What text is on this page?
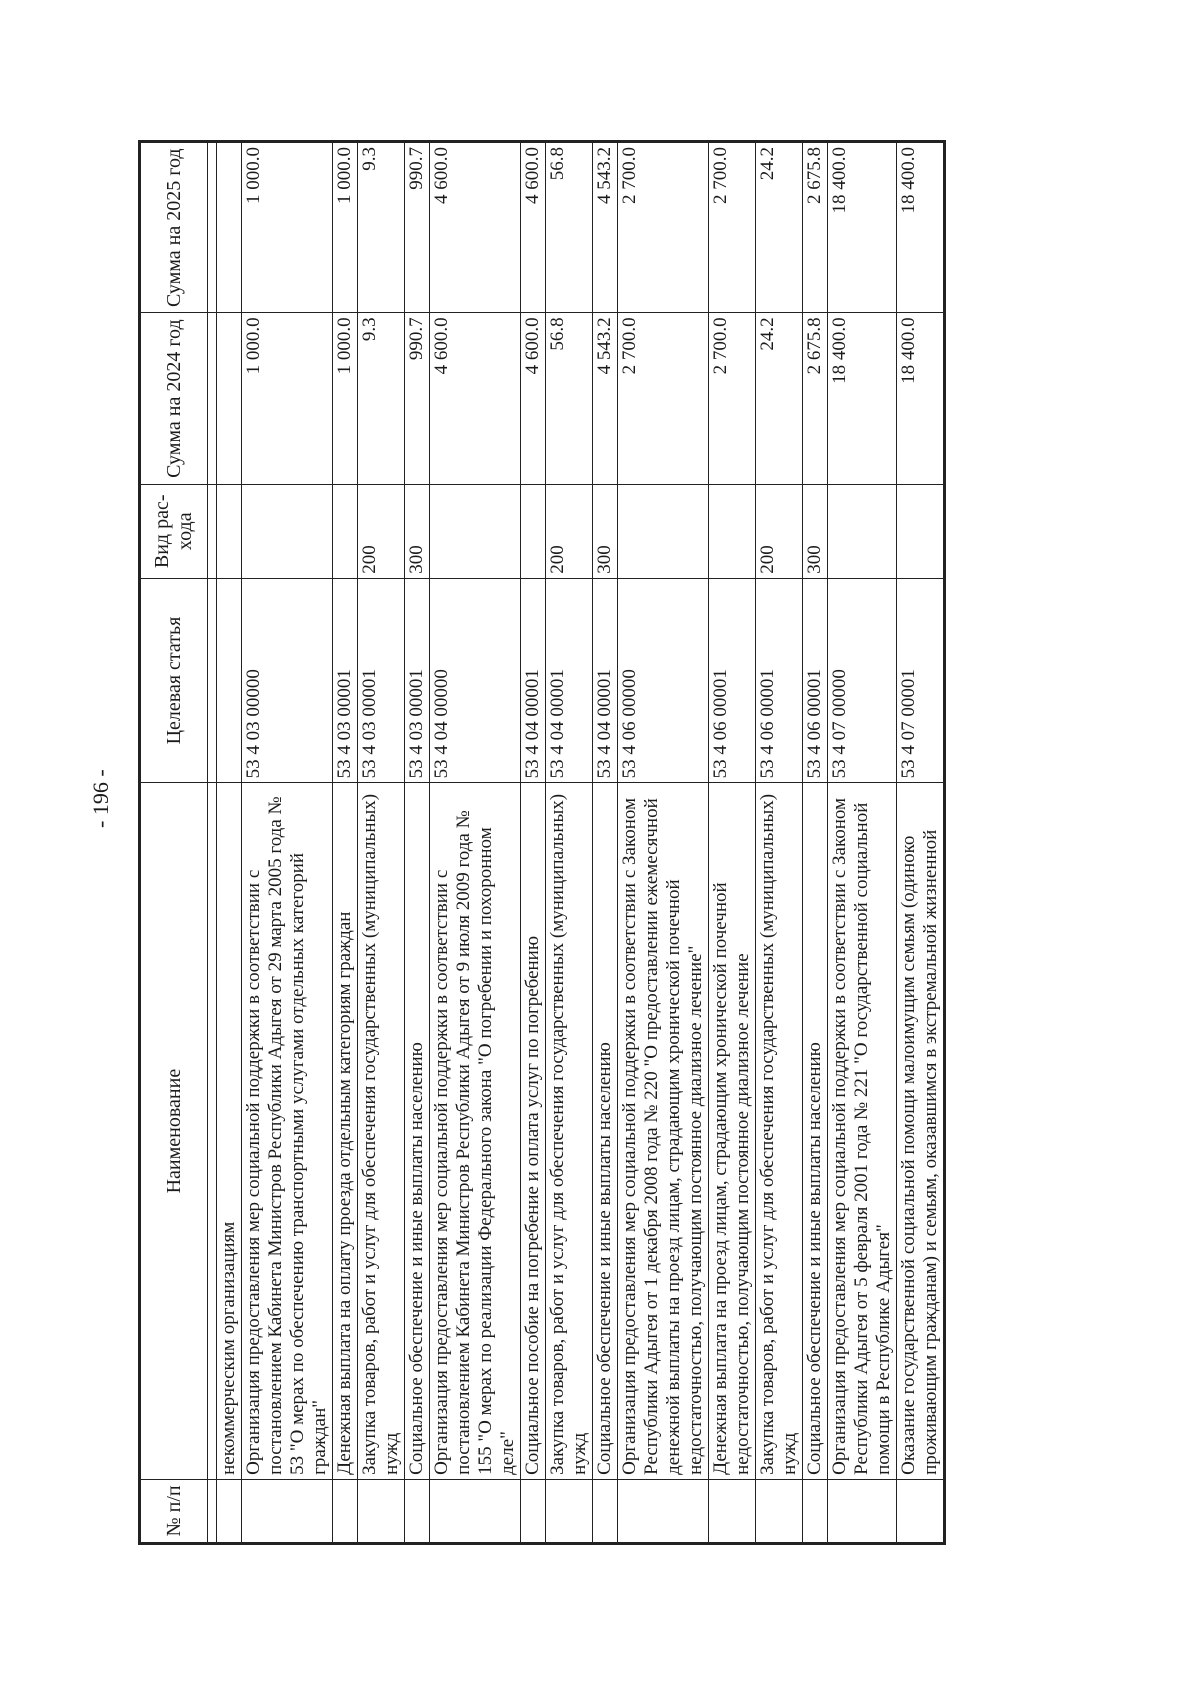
- 196 -
№ п/п	Наименование	Целевая статья	Вид рас-хода	Сумма на 2024 год	Сумма на 2025 год

	некоммерческим организациям				
	Организация предоставления мер социальной поддержки в соответствии с постановлением Кабинета Министров Республики Адыгея от 29 марта 2005 года № 53 "О мерах по обеспечению транспортными услугами отдельных категорий граждан"	53 4 03 00000		1 000.0	1 000.0
	Денежная выплата на оплату проезда отдельным категориям граждан	53 4 03 00001		1 000.0	1 000.0
	Закупка товаров, работ и услуг для обеспечения государственных (муниципальных) нужд	53 4 03 00001	200	9.3	9.3
	Социальное обеспечение и иные выплаты населению	53 4 03 00001	300	990.7	990.7
	Организация предоставления мер социальной поддержки в соответствии с постановлением Кабинета Министров Республики Адыгея от 9 июля 2009 года № 155 "О мерах по реализации Федерального закона "О погребении и похоронном деле"	53 4 04 00000		4 600.0	4 600.0
	Социальное пособие на погребение и оплата услуг по погребению	53 4 04 00001		4 600.0	4 600.0
	Закупка товаров, работ и услуг для обеспечения государственных (муниципальных) нужд	53 4 04 00001	200	56.8	56.8
	Социальное обеспечение и иные выплаты населению	53 4 04 00001	300	4 543.2	4 543.2
	Организация предоставления мер социальной поддержки в соответствии с Законом Республики Адыгея от 1 декабря 2008 года № 220 "О предоставлении ежемесячной денежной выплаты на проезд лицам, страдающим хронической почечной недостаточностью, получающим постоянное диализное лечение"	53 4 06 00000		2 700.0	2 700.0
	Денежная выплата на проезд лицам, страдающим хронической почечной недостаточностью, получающим постоянное диализное лечение	53 4 06 00001		2 700.0	2 700.0
	Закупка товаров, работ и услуг для обеспечения государственных (муниципальных) нужд	53 4 06 00001	200	24.2	24.2
	Социальное обеспечение и иные выплаты населению	53 4 06 00001	300	2 675.8	2 675.8
	Организация предоставления мер социальной поддержки в соответствии с Законом Республики Адыгея от 5 февраля 2001 года № 221 "О государственной социальной помощи в Республике Адыгея"	53 4 07 00000		18 400.0	18 400.0
	Оказание государственной социальной помощи малоимущим семьям (одиноко проживающим гражданам) и семьям, оказавшимся в экстремальной жизненной	53 4 07 00001		18 400.0	18 400.0
